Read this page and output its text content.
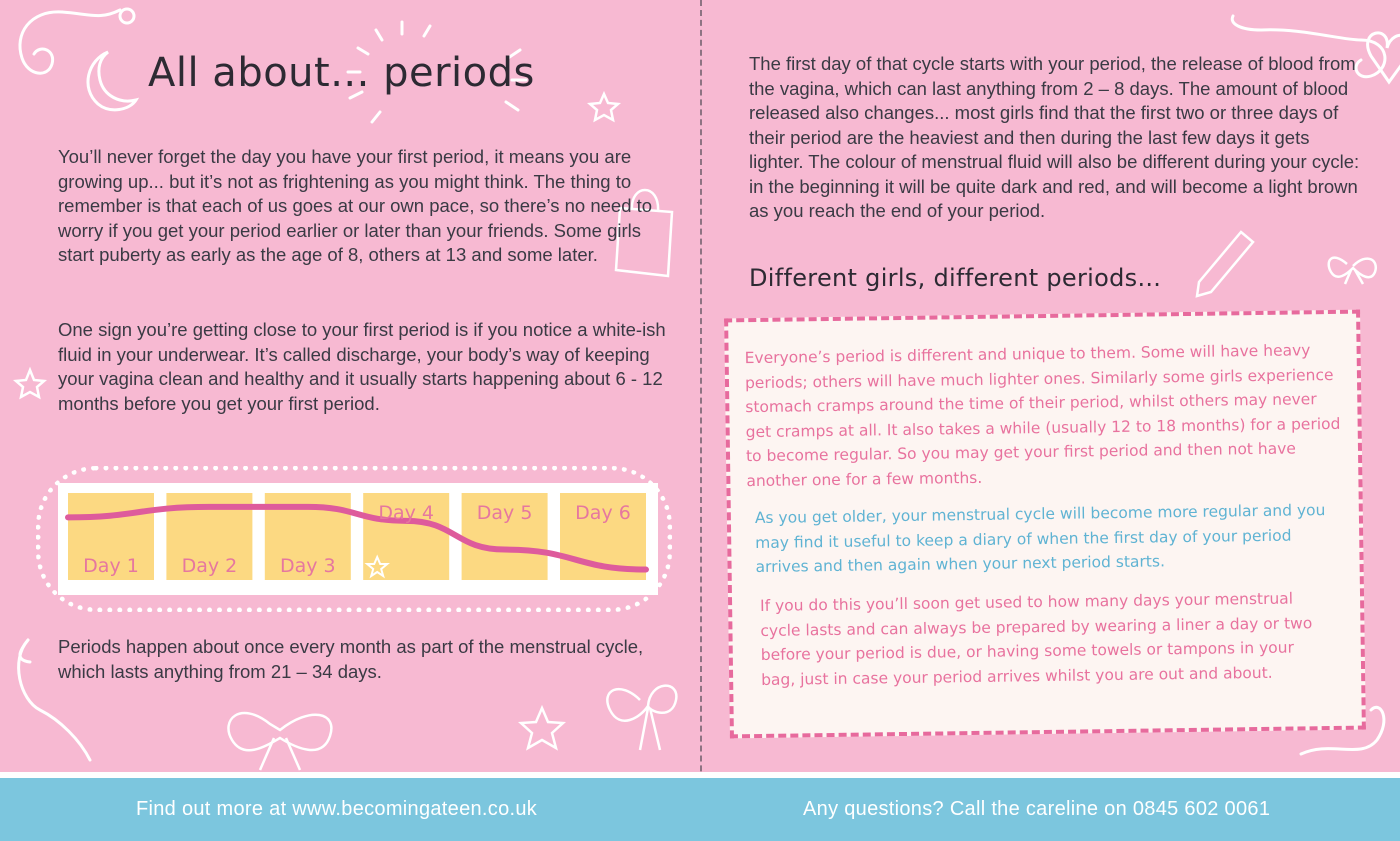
All about... periods

You’ll never forget the day you have your first period, it means you are growing up... but it’s not as frightening as you might think. The thing to remember is that each of us goes at our own pace, so there’s no need to worry if you get your period earlier or later than your friends. Some girls start puberty as early as the age of 8, others at 13 and some later.

One sign you’re getting close to your first period is if you notice a white-ish fluid in your underwear. It’s called discharge, your body’s way of keeping your vagina clean and healthy and it usually starts happening about 6 - 12 months before you get your first period.

Day 1 Day 2 Day 3
Day 4 Day 5 Day 6

Periods happen about once every month as part of the menstrual cycle, which lasts anything from 21 – 34 days.

The first day of that cycle starts with your period, the release of blood from the vagina, which can last anything from 2 – 8 days. The amount of blood released also changes... most girls find that the first two or three days of their period are the heaviest and then during the last few days it gets lighter. The colour of menstrual fluid will also be different during your cycle: in the beginning it will be quite dark and red, and will become a light brown as you reach the end of your period.

Different girls, different periods...

Everyone’s period is different and unique to them. Some will have heavy periods; others will have much lighter ones. Similarly some girls experience stomach cramps around the time of their period, whilst others may never get cramps at all. It also takes a while (usually 12 to 18 months) for a period to become regular. So you may get your first period and then not have another one for a few months.

As you get older, your menstrual cycle will become more regular and you may find it useful to keep a diary of when the first day of your period arrives and then again when your next period starts.

If you do this you’ll soon get used to how many days your menstrual cycle lasts and can always be prepared by wearing a liner a day or two before your period is due, or having some towels or tampons in your bag, just in case your period arrives whilst you are out and about.

Find out more at www.becomingateen.co.uk	Any questions? Call the careline on 0845 602 0061
